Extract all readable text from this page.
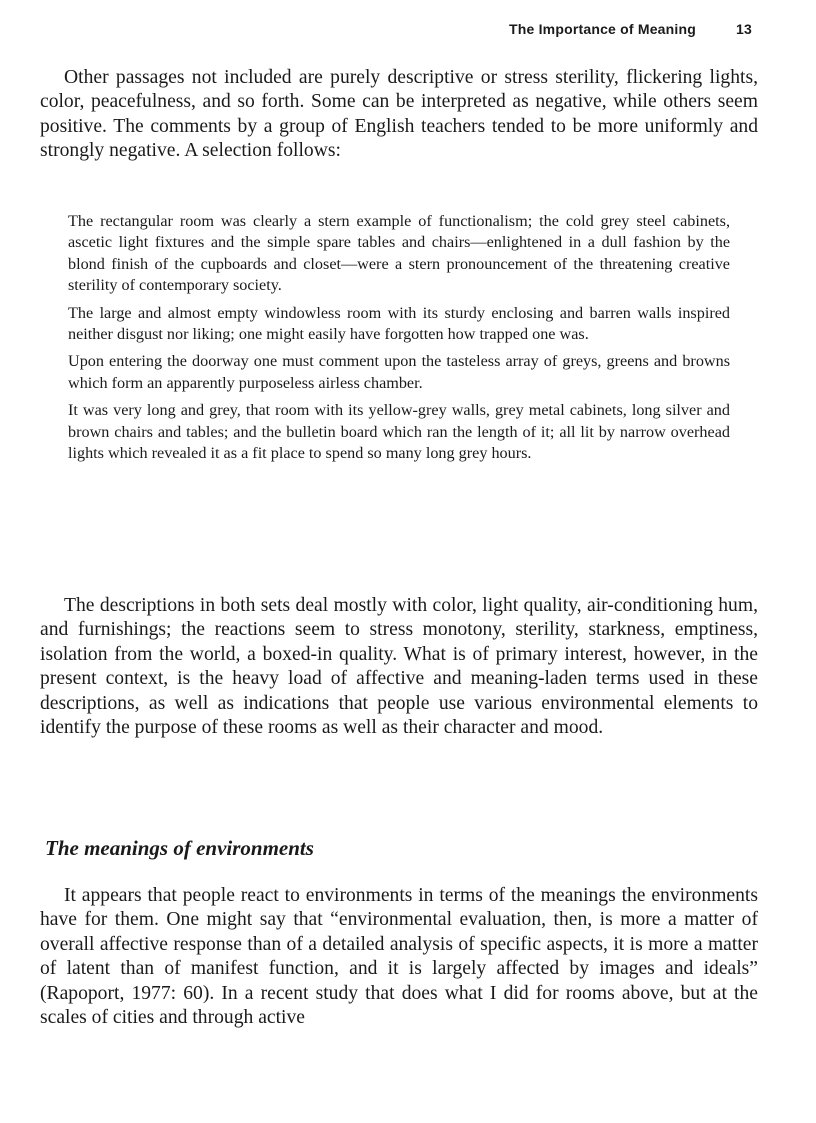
The Importance of Meaning	13

Other passages not included are purely descriptive or stress sterility, flickering lights, color, peacefulness, and so forth. Some can be interpreted as negative, while others seem positive. The comments by a group of English teachers tended to be more uniformly and strongly negative. A selection follows:

The rectangular room was clearly a stern example of functionalism; the cold grey steel cabinets, ascetic light fixtures and the simple spare tables and chairs—enlightened in a dull fashion by the blond finish of the cupboards and closet—were a stern pronouncement of the threatening creative sterility of contemporary society.

The large and almost empty windowless room with its sturdy enclosing and barren walls inspired neither disgust nor liking; one might easily have forgotten how trapped one was.

Upon entering the doorway one must comment upon the tasteless array of greys, greens and browns which form an apparently purposeless airless chamber.

It was very long and grey, that room with its yellow-grey walls, grey metal cabinets, long silver and brown chairs and tables; and the bulletin board which ran the length of it; all lit by narrow overhead lights which revealed it as a fit place to spend so many long grey hours.

The descriptions in both sets deal mostly with color, light quality, air-conditioning hum, and furnishings; the reactions seem to stress monotony, sterility, starkness, emptiness, isolation from the world, a boxed-in quality. What is of primary interest, however, in the present context, is the heavy load of affective and meaning-laden terms used in these descriptions, as well as indications that people use various environmental elements to identify the purpose of these rooms as well as their character and mood.

The meanings of environments

It appears that people react to environments in terms of the meanings the environments have for them. One might say that “environmental evaluation, then, is more a matter of overall affective response than of a detailed analysis of specific aspects, it is more a matter of latent than of manifest function, and it is largely affected by images and ideals” (Rapoport, 1977: 60). In a recent study that does what I did for rooms above, but at the scales of cities and through active
